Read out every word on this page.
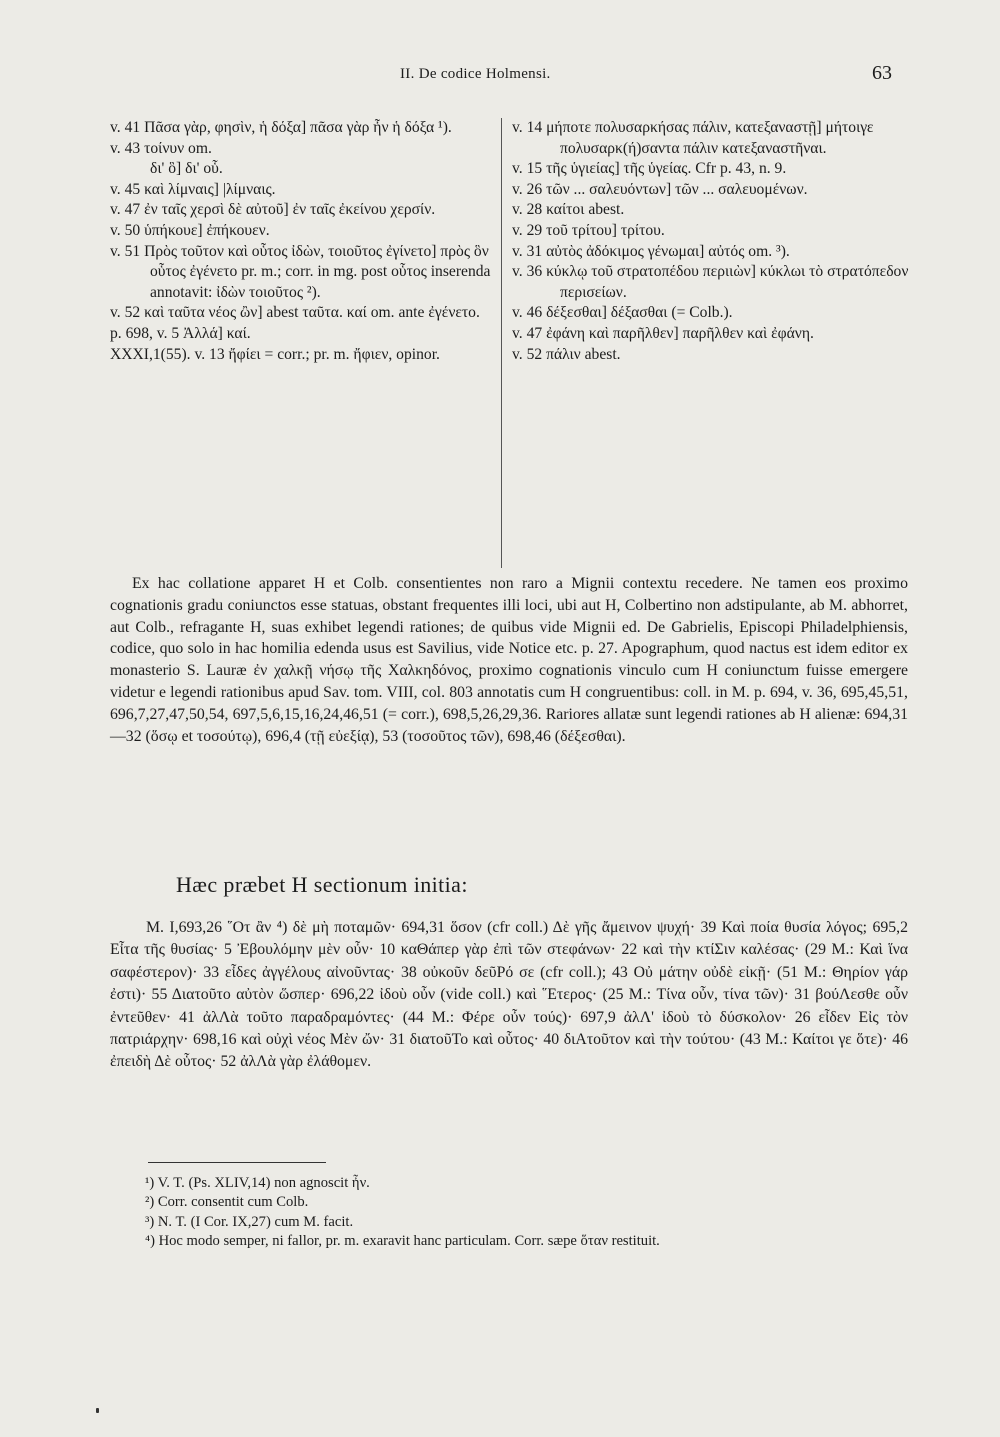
II. De codice Holmensi.	63

v. 41 Πᾶσα γὰρ, φησὶν, ἡ δόξα] πᾶσα γὰρ ἦν ἡ δόξα ¹).

v. 43 τοίνυν om.

δι' ὃ] δι' οὗ.

v. 45 καὶ λίμναις] |λίμναις.

v. 47 ἐν ταῖς χερσὶ δὲ αὐτοῦ] ἐν ταῖς ἐκείνου χερσίν.

v. 50 ὑπήκουε] ἐπήκουεν.

v. 51 Πρὸς τοῦτον καὶ οὗτος ἰδὼν, τοιοῦτος ἐγίνετο] πρὸς ὃν οὗτος ἐγένετο pr. m.; corr. in mg. post οὗτος inserenda annotavit: ἰδὼν τοιοῦτος ²).

v. 52 καὶ ταῦτα νέος ὢν] abest ταῦτα. καί om. ante ἐγένετο.

p. 698, v. 5 Ἀλλά] καί.

XXXI,1(55). v. 13 ἤφίει = corr.; pr. m. ἤφιεν, opinor.

v. 14 μήποτε πολυσαρκήσας πάλιν, κατεξαναστῇ] μήτοιγε πολυσαρκ(ή)σαντα πάλιν κατεξαναστῆναι.

v. 15 τῆς ὑγιείας] τῆς ὑγείας. Cfr p. 43, n. 9.

v. 26 τῶν ... σαλευόντων] τῶν ... σαλευομένων.

v. 28 καίτοι abest.

v. 29 τοῦ τρίτου] τρίτου.

v. 31 αὐτὸς ἀδόκιμος γένωμαι] αὐτός om. ³).

v. 36 κύκλῳ τοῦ στρατοπέδου περιιὼν] κύκλωι τὸ στρατόπεδον περισείων.

v. 46 δέξεσθαι] δέξασθαι (= Colb.).

v. 47 ἐφάνη καὶ παρῆλθεν] παρῆλθεν καὶ ἐφάνη.

v. 52 πάλιν abest.

Ex hac collatione apparet H et Colb. consentientes non raro a Mignii contextu recedere. Ne tamen eos proximo cognationis gradu coniunctos esse statuas, obstant frequentes illi loci, ubi aut H, Colbertino non adstipulante, ab M. abhorret, aut Colb., refragante H, suas exhibet legendi rationes; de quibus vide Mignii ed. De Gabrielis, Episcopi Philadelphiensis, codice, quo solo in hac homilia edenda usus est Savilius, vide Notice etc. p. 27. Apographum, quod nactus est idem editor ex monasterio S. Lauræ ἐν χαλκῇ νήσῳ τῆς Χαλκηδόνος, proximo cognationis vinculo cum H coniunctum fuisse emergere videtur e legendi rationibus apud Sav. tom. VIII, col. 803 annotatis cum H congruentibus: coll. in M. p. 694, v. 36, 695,45,51, 696,7,27,47,50,54, 697,5,6,15,16,24,46,51 (= corr.), 698,5,26,29,36. Rariores allatæ sunt legendi rationes ab H alienæ: 694,31—32 (ὅσῳ et τοσούτῳ), 696,4 (τῇ εὐεξίᾳ), 53 (τοσοῦτος τῶν), 698,46 (δέξεσθαι).

Hæc præbet H sectionum initia:

M. I,693,26 ῞Οτ ἂν ⁴) δὲ μὴ ποταμῶν· 694,31 ὅσον (cfr coll.) Δὲ γῆς ἄμεινον ψυχή· 39 Καὶ ποία θυσία λόγος; 695,2 Εἶτα τῆς θυσίας· 5 Ἐβουλόμην μὲν οὖν· 10 καΘάπερ γὰρ ἐπὶ τῶν στεφάνων· 22 καὶ τὴν κτίΣιν καλέσας· (29 M.: Καὶ ἵνα σαφέστερον)· 33 εἶδες ἀγγέλους αἰνοῦντας· 38 οὐκοῦν δεῦΡό σε (cfr coll.); 43 Οὐ μάτην οὐδὲ εἰκῇ· (51 M.: Θηρίον γάρ ἐστι)· 55 Διατοῦτο αὐτὸν ὥσπερ· 696,22 ἰδοὺ οὖν (vide coll.) καὶ ῞Ετερος· (25 M.: Τίνα οὖν, τίνα τῶν)· 31 βούΛεσθε οὖν ἐντεῦθεν· 41 ἀλΛὰ τοῦτο παραδραμόντες· (44 M.: Φέρε οὖν τούς)· 697,9 ἀλΛ' ἰδοὺ τὸ δύσκολον· 26 εἶδεν Εἰς τὸν πατριάρχην· 698,16 καὶ οὐχὶ νέος Μὲν ὤν· 31 διατοῦΤο καὶ οὗτος· 40 διΑτοῦτον καὶ τὴν τούτου· (43 M.: Καίτοι γε ὅτε)· 46 ἐπειδὴ Δὲ οὗτος· 52 ἀλΛὰ γὰρ ἐλάθομεν.

¹) V. T. (Ps. XLIV,14) non agnoscit ἦν.

²) Corr. consentit cum Colb.

³) N. T. (I Cor. IX,27) cum M. facit.

⁴) Hoc modo semper, ni fallor, pr. m. exaravit hanc particulam. Corr. sæpe ὅταν restituit.
